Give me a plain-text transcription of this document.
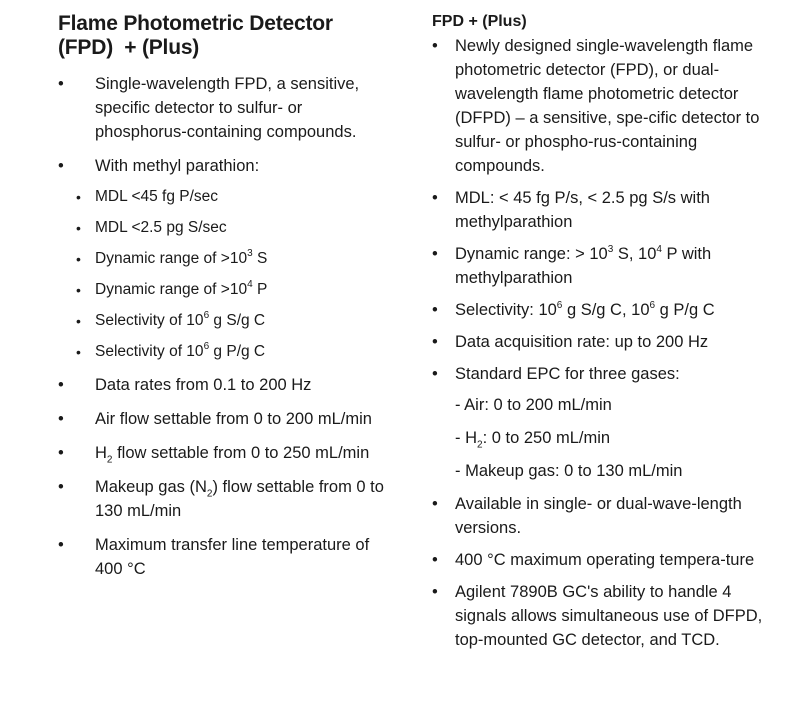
Flame Photometric Detector
(FPD)  + (Plus)
• Single-wavelength FPD, a sensitive, specific detector to sulfur- or phosphorus-containing compounds.
• With methyl parathion:
• MDL <45 fg P/sec
• MDL <2.5 pg S/sec
• Dynamic range of $>10^3$ S
• Dynamic range of $>10^4$ P
• Selectivity of $10^6$ g S/g C
• Selectivity of $10^6$ g P/g C
• Data rates from 0.1 to 200 Hz
• Air flow settable from 0 to 200 mL/min
• $H_2$ flow settable from 0 to 250 mL/min
• Makeup gas $(N_2)$ flow settable from 0 to 130 mL/min
• Maximum transfer line temperature of 400 °C
FPD + (Plus)
• Newly designed single-wavelength flame photometric detector (FPD), or dual-wavelength flame photometric detector (DFPD) – a sensitive, spe-cific detector to sulfur- or phospho-rus-containing compounds.
• MDL: < 45 fg P/s, < 2.5 pg S/s with methylparathion
• Dynamic range: > $10^3$ S, $10^4$ P with methylparathion
• Selectivity: $10^6$ g S/g C, $10^6$ g P/g C
• Data acquisition rate: up to 200 Hz
• Standard EPC for three gases:
- Air: 0 to 200 mL/min
- $H_2$: 0 to 250 mL/min
- Makeup gas: 0 to 130 mL/min
• Available in single- or dual-wave-length versions.
• 400 °C maximum operating tempera-ture
• Agilent 7890B GC's ability to handle 4 signals allows simultaneous use of DFPD, top-mounted GC detector, and TCD.
